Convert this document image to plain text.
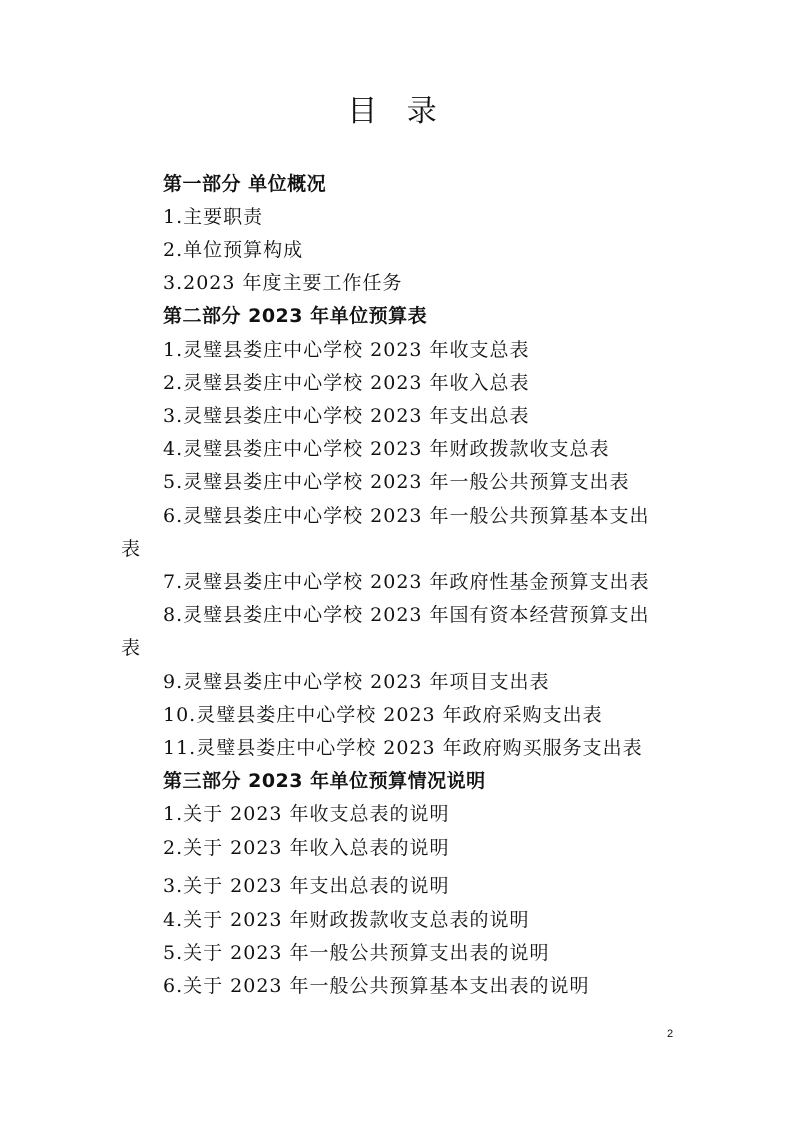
目 录
第一部分 单位概况
1.主要职责
2.单位预算构成
3.2023 年度主要工作任务
第二部分 2023 年单位预算表
1.灵璧县娄庄中心学校 2023 年收支总表
2.灵璧县娄庄中心学校 2023 年收入总表
3.灵璧县娄庄中心学校 2023 年支出总表
4.灵璧县娄庄中心学校 2023 年财政拨款收支总表
5.灵璧县娄庄中心学校 2023 年一般公共预算支出表
6.灵璧县娄庄中心学校 2023 年一般公共预算基本支出
表
7.灵璧县娄庄中心学校 2023 年政府性基金预算支出表
8.灵璧县娄庄中心学校 2023 年国有资本经营预算支出
表
9.灵璧县娄庄中心学校 2023 年项目支出表
10.灵璧县娄庄中心学校 2023 年政府采购支出表
11.灵璧县娄庄中心学校 2023 年政府购买服务支出表
第三部分 2023 年单位预算情况说明
1.关于 2023 年收支总表的说明
2.关于 2023 年收入总表的说明
3.关于 2023 年支出总表的说明
4.关于 2023 年财政拨款收支总表的说明
5.关于 2023 年一般公共预算支出表的说明
6.关于 2023 年一般公共预算基本支出表的说明
2
